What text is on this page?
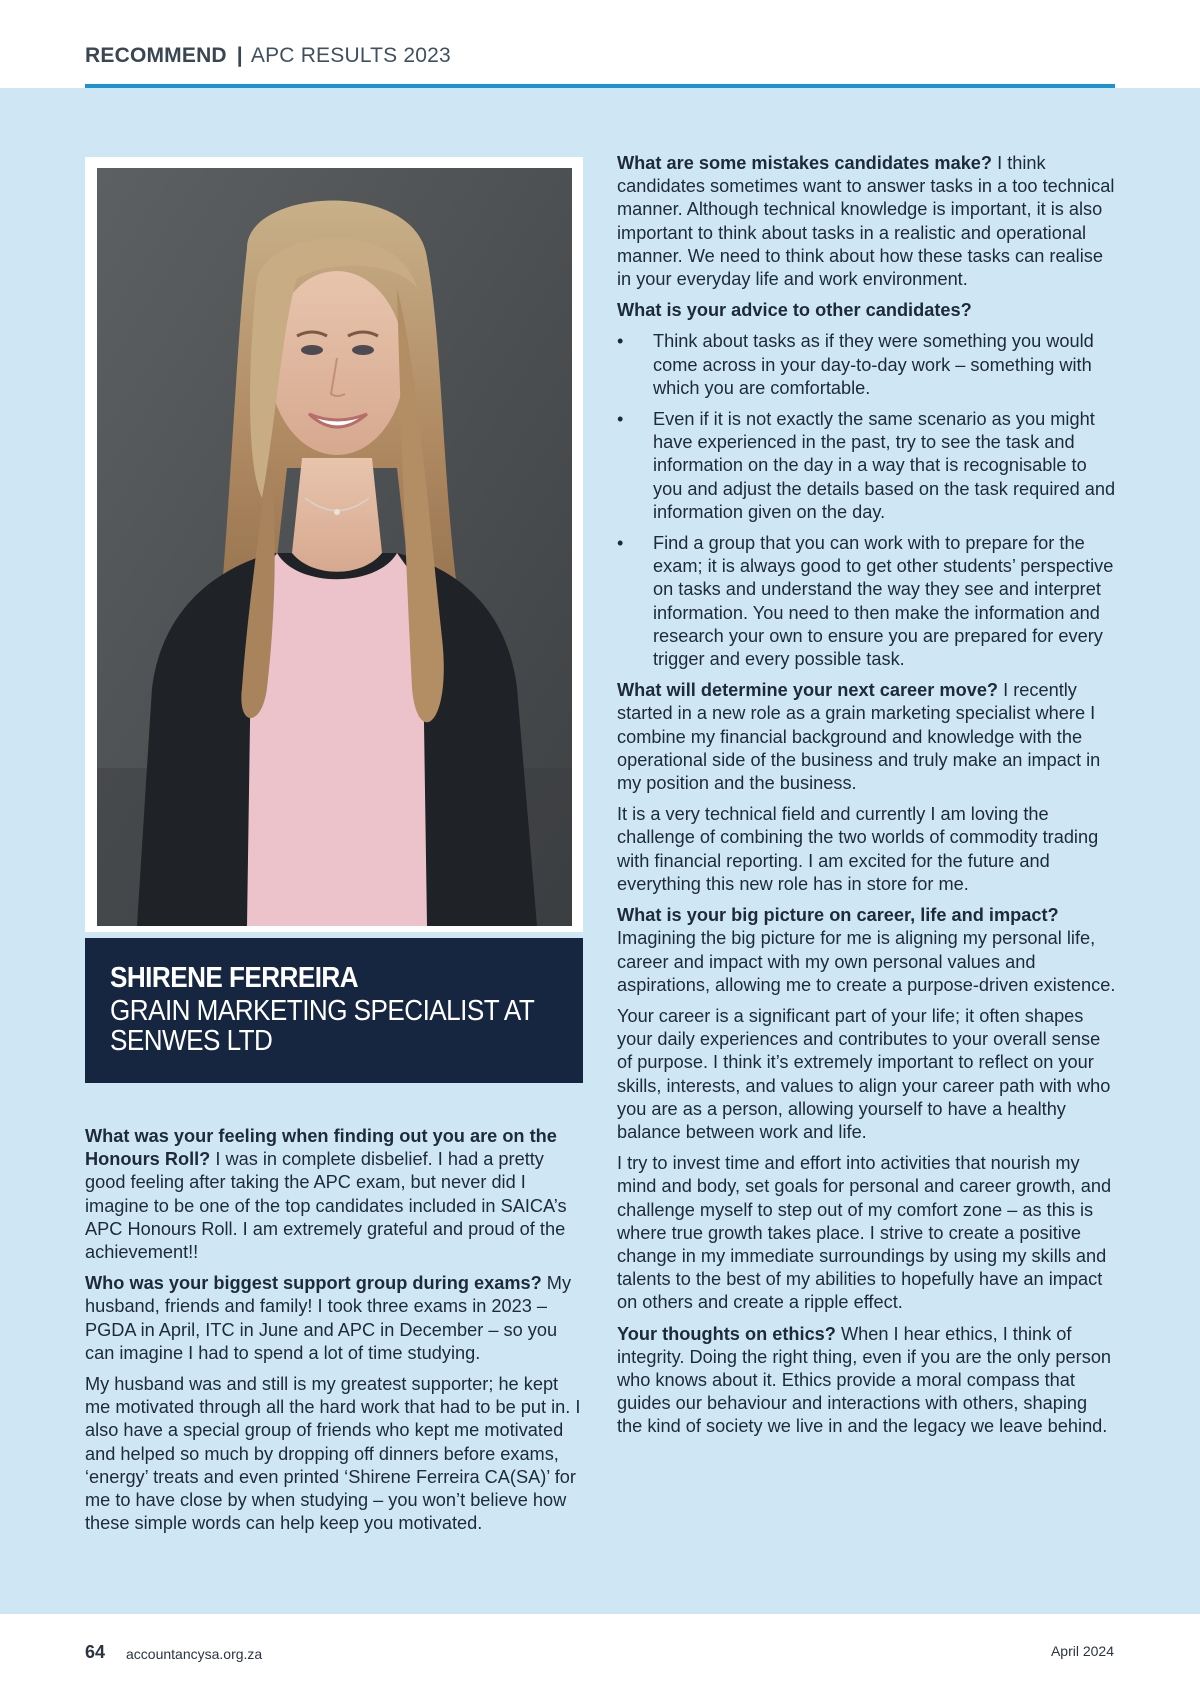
RECOMMEND | APC RESULTS 2023
SHIRENE FERREIRA
GRAIN MARKETING SPECIALIST AT SENWES LTD

What was your feeling when finding out you are on the Honours Roll? I was in complete disbelief. I had a pretty good feeling after taking the APC exam, but never did I imagine to be one of the top candidates included in SAICA’s APC Honours Roll. I am extremely grateful and proud of the achievement!!

Who was your biggest support group during exams? My husband, friends and family! I took three exams in 2023 – PGDA in April, ITC in June and APC in December – so you can imagine I had to spend a lot of time studying.

My husband was and still is my greatest supporter; he kept me motivated through all the hard work that had to be put in. I also have a special group of friends who kept me motivated and helped so much by dropping off dinners before exams, ‘energy’ treats and even printed ‘Shirene Ferreira CA(SA)’ for me to have close by when studying – you won’t believe how these simple words can help keep you motivated.

What are some mistakes candidates make? I think candidates sometimes want to answer tasks in a too technical manner. Although technical knowledge is important, it is also important to think about tasks in a realistic and operational manner. We need to think about how these tasks can realise in your everyday life and work environment.

What is your advice to other candidates?

• Think about tasks as if they were something you would come across in your day-to-day work – something with which you are comfortable.
• Even if it is not exactly the same scenario as you might have experienced in the past, try to see the task and information on the day in a way that is recognisable to you and adjust the details based on the task required and information given on the day.
• Find a group that you can work with to prepare for the exam; it is always good to get other students’ perspective on tasks and understand the way they see and interpret information. You need to then make the information and research your own to ensure you are prepared for every trigger and every possible task.

What will determine your next career move? I recently started in a new role as a grain marketing specialist where I combine my financial background and knowledge with the operational side of the business and truly make an impact in my position and the business.

It is a very technical field and currently I am loving the challenge of combining the two worlds of commodity trading with financial reporting. I am excited for the future and everything this new role has in store for me.

What is your big picture on career, life and impact? Imagining the big picture for me is aligning my personal life, career and impact with my own personal values and aspirations, allowing me to create a purpose-driven existence.

Your career is a significant part of your life; it often shapes your daily experiences and contributes to your overall sense of purpose. I think it’s extremely important to reflect on your skills, interests, and values to align your career path with who you are as a person, allowing yourself to have a healthy balance between work and life.

I try to invest time and effort into activities that nourish my mind and body, set goals for personal and career growth, and challenge myself to step out of my comfort zone – as this is where true growth takes place. I strive to create a positive change in my immediate surroundings by using my skills and talents to the best of my abilities to hopefully have an impact on others and create a ripple effect.

Your thoughts on ethics? When I hear ethics, I think of integrity. Doing the right thing, even if you are the only person who knows about it. Ethics provide a moral compass that guides our behaviour and interactions with others, shaping the kind of society we live in and the legacy we leave behind.

64 accountancysa.org.za	April 2024
